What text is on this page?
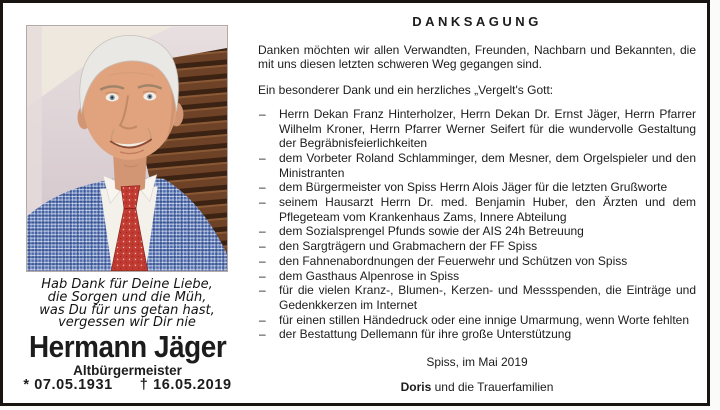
Hab Dank für Deine Liebe,
die Sorgen und die Müh,
was Du für uns getan hast,
vergessen wir Dir nie
Hermann Jäger
Altbürgermeister
* 07.05.1931 † 16.05.2019
DANKSAGUNG

Danken möchten wir allen Verwandten, Freunden, Nachbarn und Bekannten, die mit uns diesen letzten schweren Weg gegangen sind.

Ein besonderer Dank und ein herzliches „Vergelt's Gott:

– Herrn Dekan Franz Hinterholzer, Herrn Dekan Dr. Ernst Jäger, Herrn Pfarrer Wilhelm Kroner, Herrn Pfarrer Werner Seifert für die wundervolle Gestaltung der Begräbnisfeierlichkeiten
– dem Vorbeter Roland Schlamminger, dem Mesner, dem Orgelspieler und den Ministranten
– dem Bürgermeister von Spiss Herrn Alois Jäger für die letzten Grußworte
– seinem Hausarzt Herrn Dr. med. Benjamin Huber, den Ärzten und dem Pflegeteam vom Krankenhaus Zams, Innere Abteilung
– dem Sozialsprengel Pfunds sowie der AIS 24h Betreuung
– den Sargträgern und Grabmachern der FF Spiss
– den Fahnenabordnungen der Feuerwehr und Schützen von Spiss
– dem Gasthaus Alpenrose in Spiss
– für die vielen Kranz-, Blumen-, Kerzen- und Messspenden, die Einträge und Gedenkkerzen im Internet
– für einen stillen Händedruck oder eine innige Umarmung, wenn Worte fehlten
– der Bestattung Dellemann für ihre große Unterstützung
Spiss, im Mai 2019
Doris und die Trauerfamilien
